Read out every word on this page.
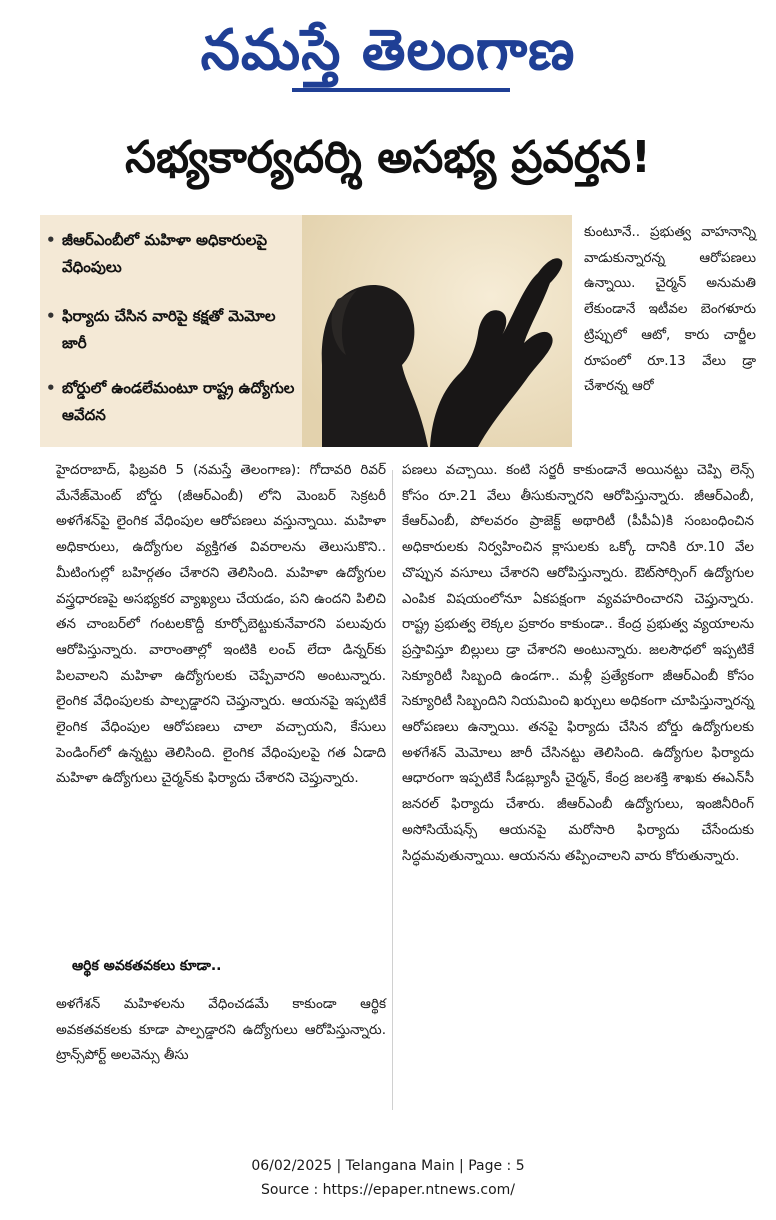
నమస్తే తెలంగాణ
సభ్యకార్యదర్శి అసభ్య ప్రవర్తన!
• జీఆర్‌ఎంబీలో మహిళా అధికారులపై వేధింపులు
• ఫిర్యాదు చేసిన వారిపై కక్షతో మెమోల జారీ
• బోర్డులో ఉండలేమంటూ రాష్ట్ర ఉద్యోగుల ఆవేదన
కుంటూనే.. ప్రభుత్వ వాహనాన్ని వాడుకున్నారన్న ఆరోపణలు ఉన్నాయి. చైర్మన్ అనుమతి లేకుండానే ఇటీవల బెంగళూరు ట్రిప్పులో ఆటో, కారు చార్జీల రూపంలో రూ.13 వేలు డ్రా చేశారన్న ఆరో
హైదరాబాద్, ఫిబ్రవరి 5 (నమస్తే తెలంగాణ): గోదావరి రివర్ మేనేజ్‌మెంట్ బోర్డు (జీఆర్‌ఎంబీ) లోని మెంబర్ సెక్రటరీ అళగేశన్‌పై లైంగిక వేధింపుల ఆరోపణలు వస్తున్నాయి. మహిళా అధికారులు, ఉద్యోగుల వ్యక్తిగత వివరాలను తెలుసుకొని.. మీటింగుల్లో బహిర్గతం చేశారని తెలిసింది. మహిళా ఉద్యోగుల వస్త్రధారణపై అసభ్యకర వ్యాఖ్యలు చేయడం, పని ఉందని పిలిచి తన చాంబర్‌లో గంటలకొద్దీ కూర్చోబెట్టుకునేవారని పలువురు ఆరోపిస్తున్నారు. వారాంతాల్లో ఇంటికి లంచ్ లేదా డిన్నర్‌కు పిలవాలని మహిళా ఉద్యోగులకు చెప్పేవారని అంటున్నారు. లైంగిక వేధింపులకు పాల్పడ్డారని చెప్తున్నారు. ఆయనపై ఇప్పటికే లైంగిక వేధింపుల ఆరోపణలు చాలా వచ్చాయని, కేసులు పెండింగ్‌లో ఉన్నట్టు తెలిసింది. లైంగిక వేధింపులపై గత ఏడాది మహిళా ఉద్యోగులు చైర్మన్‌కు ఫిర్యాదు చేశారని చెప్తున్నారు.
పణలు వచ్చాయి. కంటి సర్జరీ కాకుండానే అయినట్టు చెప్పి లెన్స్ కోసం రూ.21 వేలు తీసుకున్నారని ఆరోపిస్తున్నారు. జీఆర్‌ఎంబీ, కేఆర్‌ఎంబీ, పోలవరం ప్రాజెక్ట్ అథారిటీ (పీపీఏ)కి సంబంధించిన అధికారులకు నిర్వహించిన క్లాసులకు ఒక్కో దానికి రూ.10 వేల చొప్పున వసూలు చేశారని ఆరోపిస్తున్నారు. ఔట్‌సోర్సింగ్ ఉద్యోగుల ఎంపిక విషయంలోనూ ఏకపక్షంగా వ్యవహరించారని చెప్తున్నారు. రాష్ట్ర ప్రభుత్వ లెక్కల ప్రకారం కాకుండా.. కేంద్ర ప్రభుత్వ వ్యయాలను ప్రస్తావిస్తూ బిల్లులు డ్రా చేశారని అంటున్నారు. జలసౌధలో ఇప్పటికే సెక్యూరిటీ సిబ్బంది ఉండగా.. మళ్లీ ప్రత్యేకంగా జీఆర్‌ఎంబీ కోసం సెక్యూరిటీ సిబ్బందిని నియమించి ఖర్చులు అధికంగా చూపిస్తున్నారన్న ఆరోపణలు ఉన్నాయి. తనపై ఫిర్యాదు చేసిన బోర్డు ఉద్యోగులకు అళగేశన్ మెమోలు జారీ చేసినట్టు తెలిసింది. ఉద్యోగుల ఫిర్యాదు ఆధారంగా ఇప్పటికే సీడబ్ల్యూసీ చైర్మన్, కేంద్ర జలశక్తి శాఖకు ఈఎన్‌సీ జనరల్ ఫిర్యాదు చేశారు. జీఆర్‌ఎంబీ ఉద్యోగులు, ఇంజినీరింగ్ అసోసియేషన్స్ ఆయనపై మరోసారి ఫిర్యాదు చేసేందుకు సిద్ధమవుతున్నాయి. ఆయనను తప్పించాలని వారు కోరుతున్నారు.
ఆర్థిక అవకతవకలు కూడా..
అళగేశన్ మహిళలను వేధించడమే కాకుండా ఆర్థిక అవకతవకలకు కూడా పాల్పడ్డారని ఉద్యోగులు ఆరోపిస్తున్నారు. ట్రాన్స్‌పోర్ట్ అలవెన్సు తీసు
06/02/2025 | Telangana Main | Page : 5
Source : https://epaper.ntnews.com/
